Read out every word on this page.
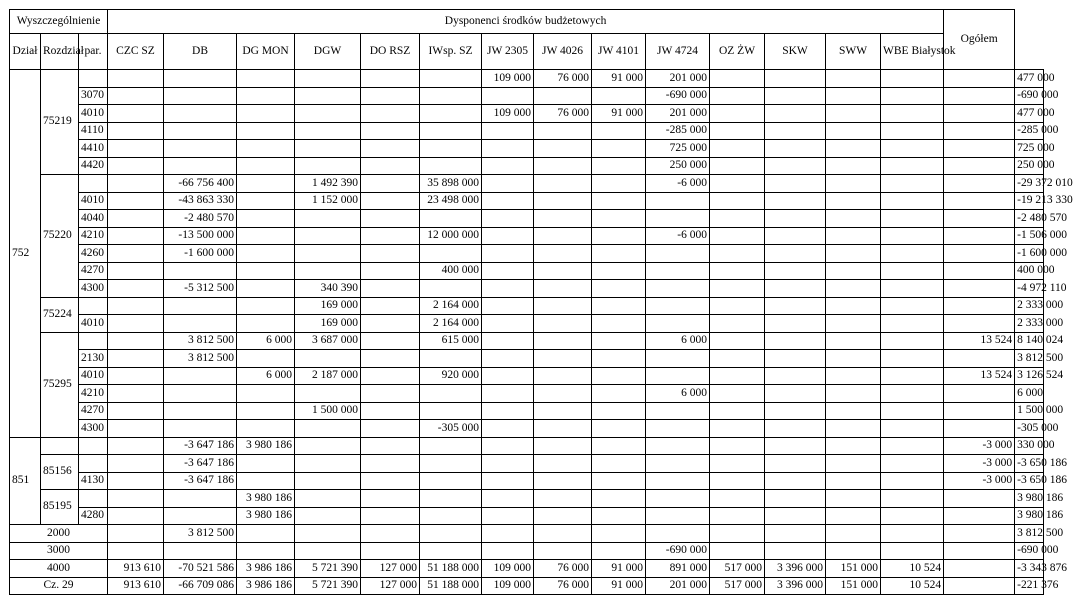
Wyszczególnienie			Dysponenci środków budżetowych														Ogółem	
Dział	Rozdział	par.	CZC SZ	DB	DG MON	DGW	DO RSZ	IWsp. SZ	JW 2305	JW 4026	JW 4101	JW 4724	OZ ŻW	SKW	SWW	WBE Białystok		
752	75219								109 000	76 000	91 000	201 000						477 000
		3070										-690 000						-690 000
		4010							109 000	76 000	91 000	201 000						477 000
		4110										-285 000						-285 000
		4410										725 000						725 000
		4420										250 000						250 000
	75220			-66 756 400		1 492 390		35 898 000				-6 000						-29 372 010
		4010		-43 863 330		1 152 000		23 498 000										-19 213 330
		4040		-2 480 570														-2 480 570
		4210		-13 500 000				12 000 000				-6 000						-1 506 000
		4260		-1 600 000														-1 600 000
		4270						400 000										400 000
		4300		-5 312 500		340 390												-4 972 110
	75224					169 000		2 164 000										2 333 000
		4010				169 000		2 164 000										2 333 000
	75295			3 812 500	6 000	3 687 000		615 000				6 000					13 524	8 140 024
		2130		3 812 500														3 812 500
		4010			6 000	2 187 000		920 000									13 524	3 126 524
		4210										6 000						6 000
		4270				1 500 000												1 500 000
		4300						-305 000										-305 000
851				-3 647 186	3 980 186												-3 000	330 000
	85156			-3 647 186													-3 000	-3 650 186
		4130		-3 647 186													-3 000	-3 650 186
	85195				3 980 186													3 980 186
		4280			3 980 186													3 980 186
2000				3 812 500														3 812 500
3000												-690 000						-690 000
4000			913 610	-70 521 586	3 986 186	5 721 390	127 000	51 188 000	109 000	76 000	91 000	891 000	517 000	3 396 000	151 000	10 524		-3 343 876
Cz. 29			913 610	-66 709 086	3 986 186	5 721 390	127 000	51 188 000	109 000	76 000	91 000	201 000	517 000	3 396 000	151 000	10 524		-221 376
